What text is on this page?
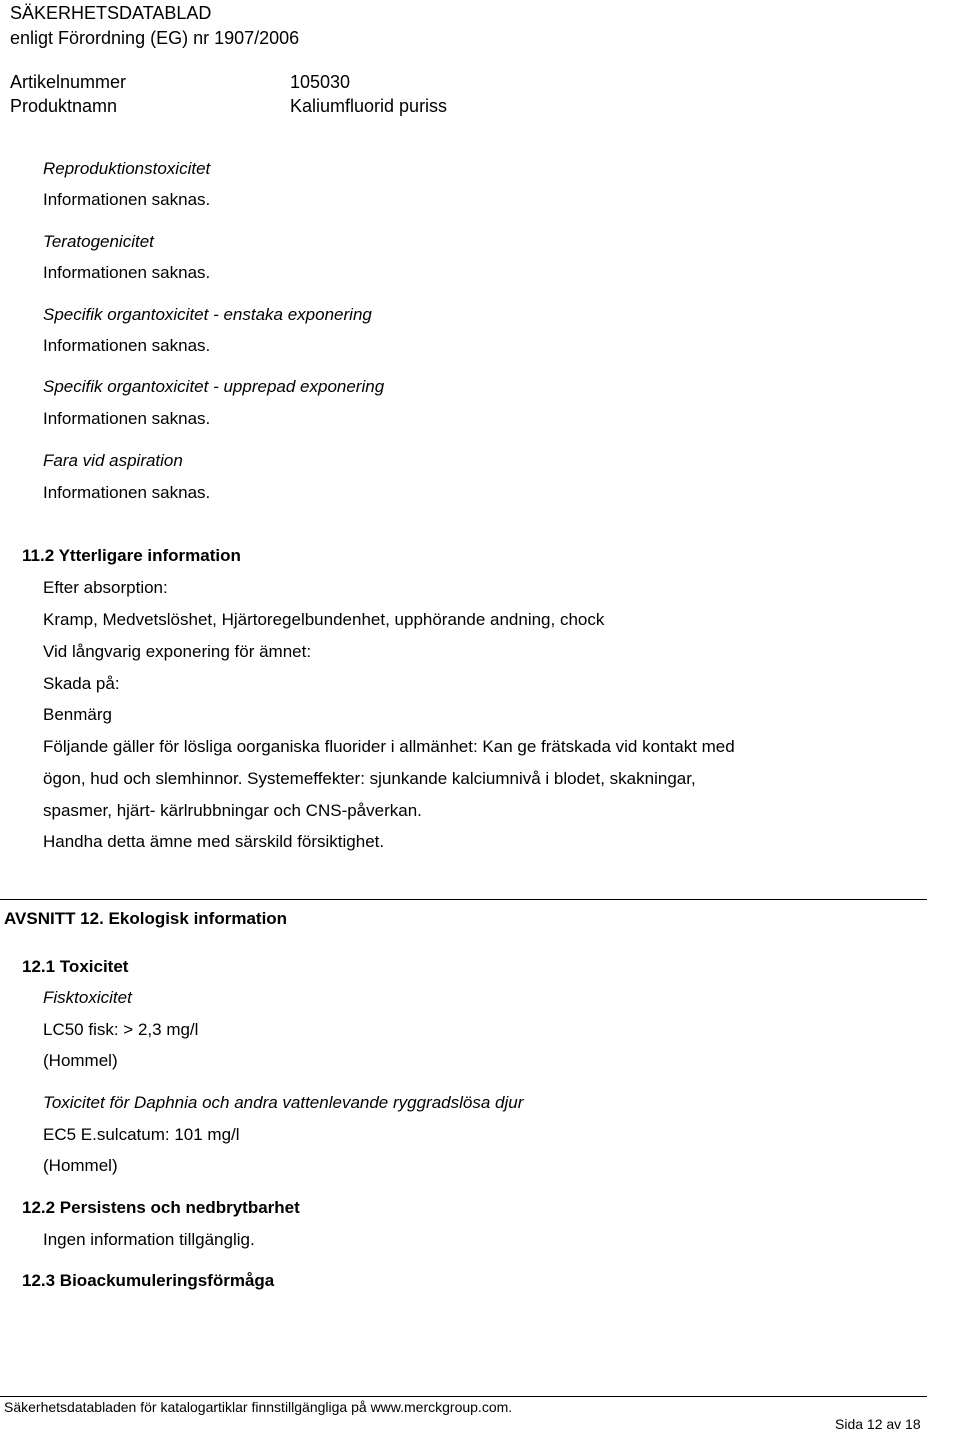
SÄKERHETSDATABLAD
enligt Förordning (EG) nr 1907/2006
Artikelnummer	105030
Produktnamn	Kaliumfluorid puriss
Reproduktionstoxicitet
Informationen saknas.
Teratogenicitet
Informationen saknas.
Specifik organtoxicitet - enstaka exponering
Informationen saknas.
Specifik organtoxicitet - upprepad exponering
Informationen saknas.
Fara vid aspiration
Informationen saknas.
11.2 Ytterligare information
Efter absorption:
Kramp, Medvetslöshet, Hjärtoregelbundenhet, upphörande andning, chock
Vid långvarig exponering för ämnet:
Skada på:
Benmärg
Följande gäller för lösliga oorganiska fluorider i allmänhet: Kan ge frätskada vid kontakt med
ögon, hud och slemhinnor. Systemeffekter: sjunkande kalciumnivå i blodet, skakningar,
spasmer, hjärt- kärlrubbningar och CNS-påverkan.
Handha detta ämne med särskild försiktighet.
AVSNITT 12. Ekologisk information
12.1 Toxicitet
Fisktoxicitet
LC50 fisk: > 2,3 mg/l
(Hommel)
Toxicitet för Daphnia och andra vattenlevande ryggradslösa djur
EC5 E.sulcatum: 101 mg/l
(Hommel)
12.2 Persistens och nedbrytbarhet
Ingen information tillgänglig.
12.3 Bioackumuleringsförmåga
Säkerhetsdatabladen för katalogartiklar finnstillgängliga på www.merckgroup.com.
Sida 12 av 18
